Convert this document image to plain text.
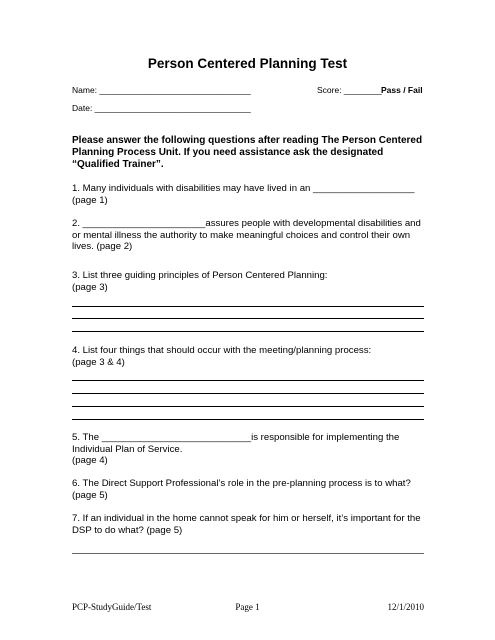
Person Centered Planning Test
Name: ________________________________	Score: ________ Pass / Fail
Date: _________________________________
Please answer the following questions after reading The Person Centered Planning Process Unit. If you need assistance ask the designated “Qualified Trainer”.
1. Many individuals with disabilities may have lived in an ___________________ (page 1)
2. _______________________assures people with developmental disabilities and or mental illness the authority to make meaningful choices and control their own lives. (page 2)
3. List three guiding principles of Person Centered Planning:
(page 3)
4. List four things that should occur with the meeting/planning process:
(page 3 & 4)
5. The ____________________________is responsible for implementing the Individual Plan of Service.
(page 4)
6. The Direct Support Professional’s role in the pre-planning process is to what? (page 5)
7. If an individual in the home cannot speak for him or herself, it’s important for the DSP to do what? (page 5)
PCP-StudyGuide/Test	Page 1	12/1/2010
